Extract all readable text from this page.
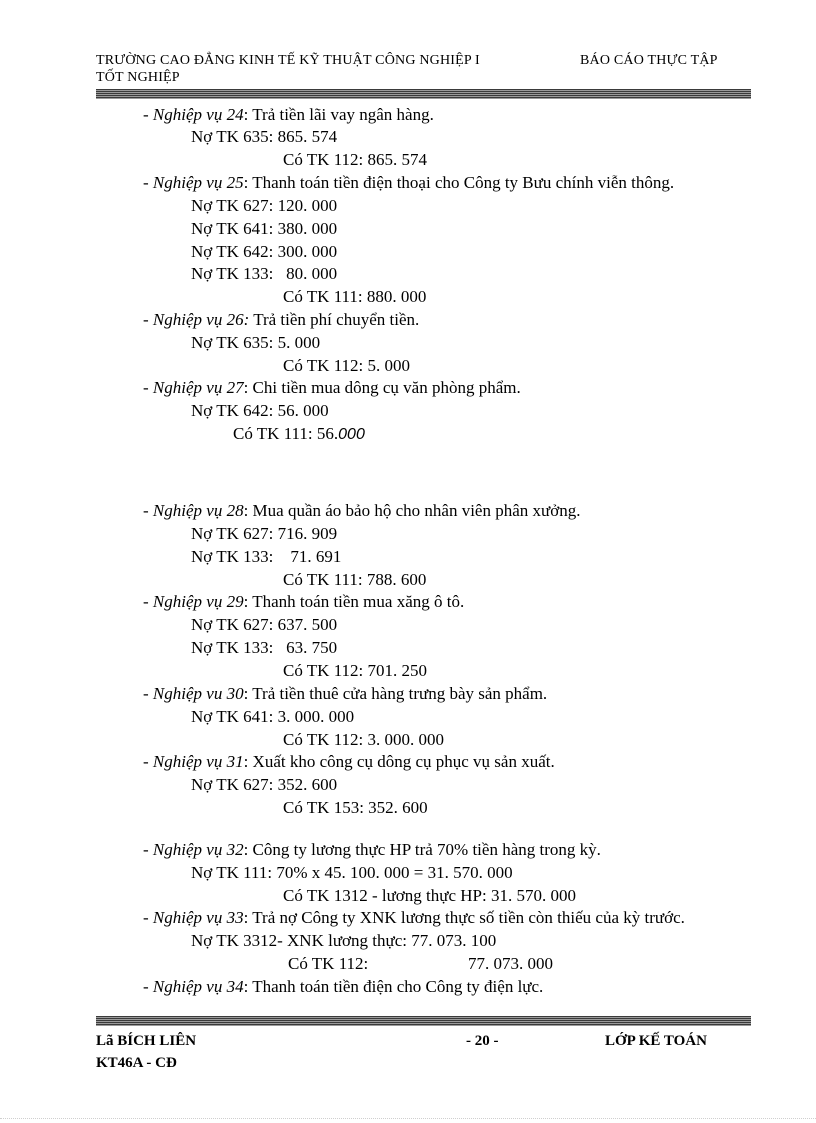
TRƯỜNG CAO ĐẲNG KINH TẾ KỸ THUẬT CÔNG NGHIỆP I
TỐT NGHIỆP
BÁO CÁO THỰC TẬP
- Nghiệp vụ 24: Trả tiền lãi vay ngân hàng.
Nợ TK 635: 865. 574
Có TK 112: 865. 574
- Nghiệp vụ 25: Thanh toán tiền điện thoại cho Công ty Bưu chính viễn thông.
Nợ TK 627: 120. 000
Nợ TK 641: 380. 000
Nợ TK 642: 300. 000
Nợ TK 133:   80. 000
Có TK 111: 880. 000
- Nghiệp vụ 26: Trả tiền phí chuyển tiền.
Nợ TK 635: 5. 000
Có TK 112: 5. 000
- Nghiệp vụ 27: Chi tiền mua dông cụ văn phòng phẩm.
Nợ TK 642: 56. 000
Có TK 111: 56.000
- Nghiệp vụ 28: Mua quần áo bảo hộ cho nhân viên phân xưởng.
Nợ TK 627: 716. 909
Nợ TK 133:    71. 691
Có TK 111: 788. 600
- Nghiệp vụ 29: Thanh toán tiền mua xăng ô tô.
Nợ TK 627: 637. 500
Nợ TK 133:   63. 750
Có TK 112: 701. 250
- Nghiệp vu 30: Trả tiền thuê cửa hàng trưng bày sản phẩm.
Nợ TK 641: 3. 000. 000
Có TK 112: 3. 000. 000
- Nghiệp vụ 31: Xuất kho công cụ dông cụ phục vụ sản xuất.
Nợ TK 627: 352. 600
Có TK 153: 352. 600
- Nghiệp vụ 32: Công ty lương thực HP trả 70% tiền hàng trong kỳ.
Nợ TK 111: 70% x 45. 100. 000 = 31. 570. 000
Có TK 1312 - lương thực HP: 31. 570. 000
- Nghiệp vụ 33: Trả nợ Công ty XNK lương thực số tiền còn thiếu của kỳ trước.
Nợ TK 3312- XNK lương thực: 77. 073. 100
Có TK 112:	77. 073. 000
- Nghiệp vụ 34: Thanh toán tiền điện cho Công ty điện lực.
Lã BÍCH LIÊN
KT46A - CĐ
- 20 -	LỚP KẾ TOÁN
